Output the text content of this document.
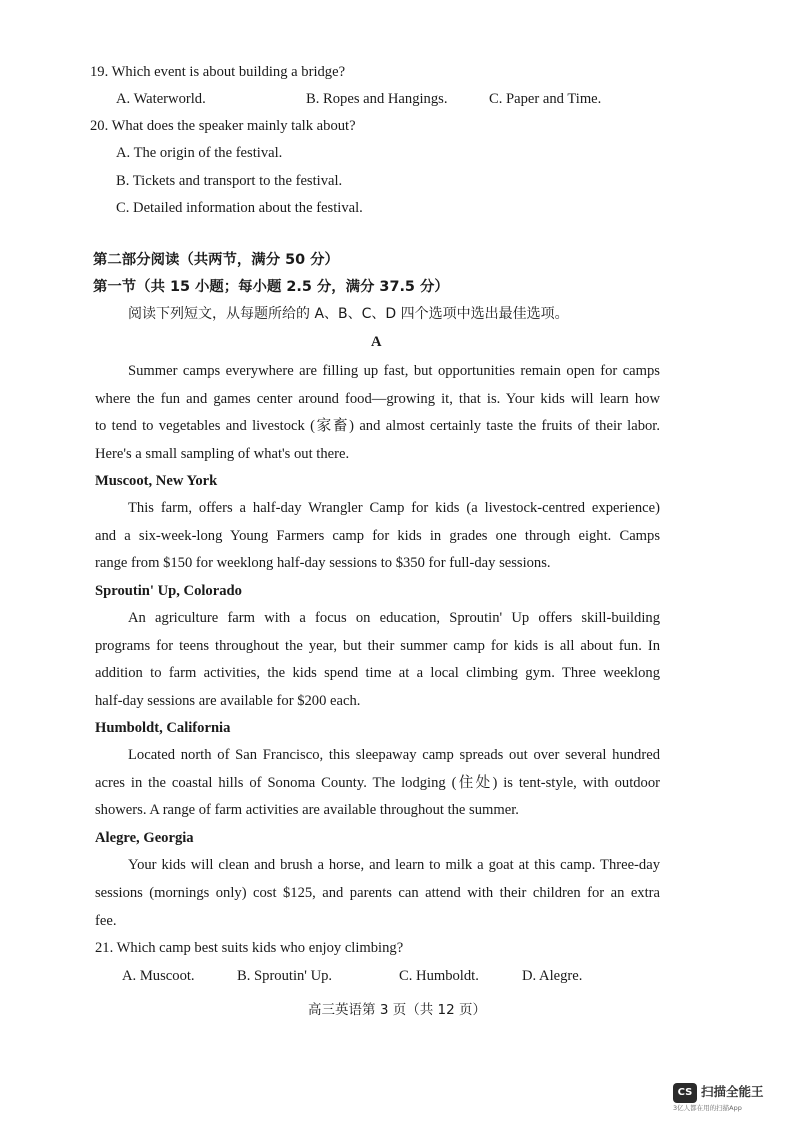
19. Which event is about building a bridge?
A. Waterworld.	B. Ropes and Hangings.	C. Paper and Time.
20. What does the speaker mainly talk about?
A. The origin of the festival.
B. Tickets and transport to the festival.
C. Detailed information about the festival.
第二部分阅读（共两节，满分 50 分）
第一节（共 15 小题；每小题 2.5 分，满分 37.5 分）
阅读下列短文，从每题所给的 A、B、C、D 四个选项中选出最佳选项。
A
Summer camps everywhere are filling up fast, but opportunities remain open for camps
where the fun and games center around food—growing it, that is. Your kids will learn how
to tend to vegetables and livestock (家畜) and almost certainly taste the fruits of their labor.
Here's a small sampling of what's out there.
Muscoot, New York
This farm, offers a half-day Wrangler Camp for kids (a livestock-centred experience)
and a six-week-long Young Farmers camp for kids in grades one through eight. Camps
range from $150 for weeklong half-day sessions to $350 for full-day sessions.
Sproutin' Up, Colorado
An agriculture farm with a focus on education, Sproutin' Up offers skill-building
programs for teens throughout the year, but their summer camp for kids is all about fun. In
addition to farm activities, the kids spend time at a local climbing gym. Three weeklong
half-day sessions are available for $200 each.
Humboldt, California
Located north of San Francisco, this sleepaway camp spreads out over several hundred
acres in the coastal hills of Sonoma County. The lodging (住处) is tent-style, with outdoor
showers. A range of farm activities are available throughout the summer.
Alegre, Georgia
Your kids will clean and brush a horse, and learn to milk a goat at this camp. Three-day
sessions (mornings only) cost $125, and parents can attend with their children for an extra
fee.
21. Which camp best suits kids who enjoy climbing?
A. Muscoot.	B. Sproutin' Up.	C. Humboldt.	D. Alegre.
高三英语第 3 页（共 12 页）
CS 扫描全能王
3亿人都在用的扫描App
